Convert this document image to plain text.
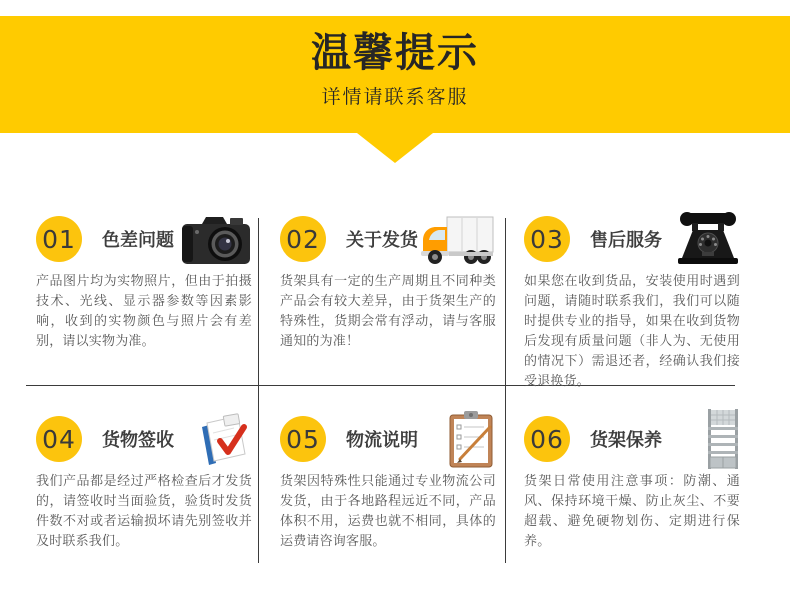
温馨提示

详情请联系客服

01	色差问题
产品图片均为实物照片，但由于拍摄技术、光线、显示器参数等因素影响，收到的实物颜色与照片会有差别，请以实物为准。
02	关于发货
货架具有一定的生产周期且不同种类产品会有较大差异，由于货架生产的特殊性，货期会常有浮动，请与客服通知的为准！
03	售后服务
如果您在收到货品，安装使用时遇到问题，请随时联系我们，我们可以随时提供专业的指导，如果在收到货物后发现有质量问题（非人为、无使用的情况下）需退还者，经确认我们接受退换货。
04	货物签收
我们产品都是经过严格检查后才发货的，请签收时当面验货，验货时发货件数不对或者运输损坏请先别签收并及时联系我们。
05	物流说明
货架因特殊性只能通过专业物流公司发货，由于各地路程远近不同，产品体积不用，运费也就不相同，具体的运费请咨询客服。
06	货架保养
货架日常使用注意事项：防潮、通风、保持环境干燥、防止灰尘、不要超载、避免硬物划伤、定期进行保养。
